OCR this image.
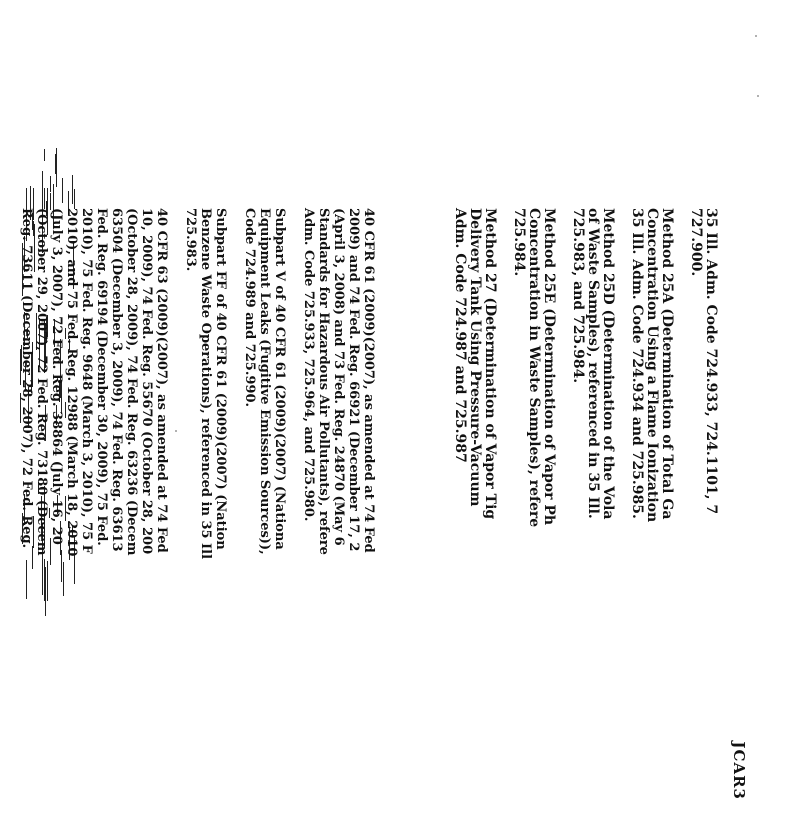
JCAR3

35 Ill. Adm. Code 724.933, 724.1101, 7
727.900.

Method 25A (Determination of Total Ga
Concentration Using a Flame Ionization
35 Ill. Adm. Code 724.934 and 725.985.

Method 25D (Determination of the Vola
of Waste Samples), referenced in 35 Ill.
725.983, and 725.984.

Method 25E (Determination of Vapor Ph
Concentration in Waste Samples), refere
725.984.

Method 27 (Determination of Vapor Tig
Delivery Tank Using Pressure-Vacuum
Adm. Code 724.987 and 725.987

40 CFR 61 (2009)(2007), as amended at 74 Fed
2009) and 74 Fed. Reg. 66921 (December 17, 2
(April 3, 2008) and 73 Fed. Reg. 24870 (May 6
Standards for Hazardous Air Pollutants), refere
Adm. Code 725.933, 725.964, and 725.980.

Subpart V of 40 CFR 61 (2009)(2007) (Nationa
Equipment Leaks (Fugitive Emission Sources)),
Code 724.989 and 725.990.

Subpart FF of 40 CFR 61 (2009)(2007) (Nation
Benzene Waste Operations), referenced in 35 Ill
725.983.

40 CFR 63 (2009)(2007), as amended at 74 Fed
10, 2009), 74 Fed. Reg. 55670 (October 28, 200
(October 28, 2009), 74 Fed. Reg. 63236 (Decem
63504 (December 3, 2009), 74 Fed. Reg. 63613
Fed. Reg. 69194 (December 30, 2009), 75 Fed.
2010), 75 Fed. Reg. 9648 (March 3, 2010), 75 F
2010), and 75 Fed. Reg. 12988 (March 18, 2010
(July 3, 2007), 72 Fed. Reg. 38864 (July 16, 20
(October 29, 2007), 72 Fed. Reg. 73180 (Decem
Reg. 73611 (December 28, 2007), 72 Fed. Reg.
